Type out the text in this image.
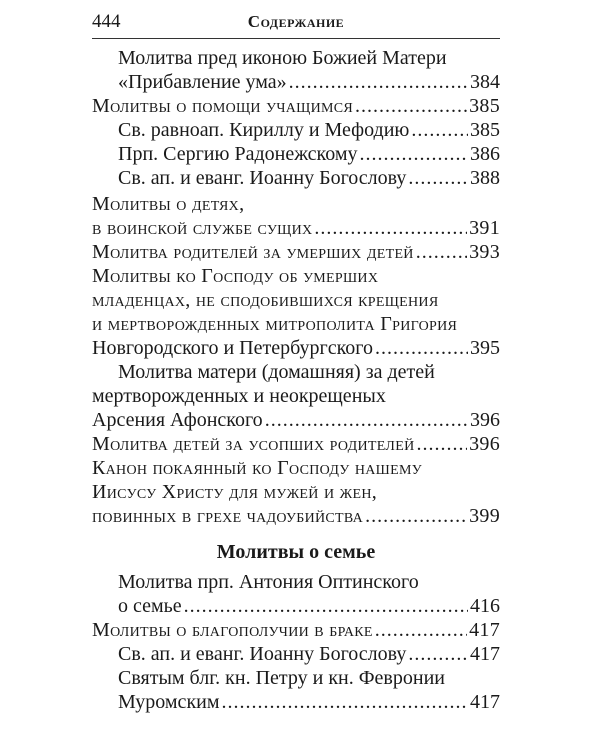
444	Содержание
Молитва пред иконою Божией Матери
«Прибавление ума» .....	384
Молитвы о помощи учащимся .....	385
Св. равноап. Кириллу и Мефодию .....	385
Прп. Сергию Радонежскому .....	386
Св. ап. и еванг. Иоанну Богослову .....	388
Молитвы о детях,
в воинской службе сущих .....	391
Молитва родителей за умерших детей .....	393
Молитвы ко Господу об умерших
младенцах, не сподобившихся крещения
и мертворожденных митрополита Григория
Новгородского и Петербургского .....	395
Молитва матери (домашняя) за детей
мертворожденных и неокрещеных
Арсения Афонского .....	396
Молитва детей за усопших родителей .....	396
Канон покаянный ко Господу нашему
Иисусу Христу для мужей и жен,
повинных в грехе чадоубийства .....	399
Молитвы о семье
Молитва прп. Антония Оптинского
о семье .....	416
Молитвы о благополучии в браке .....	417
Св. ап. и еванг. Иоанну Богослову .....	417
Святым блг. кн. Петру и кн. Февронии
Муромским .....	417
